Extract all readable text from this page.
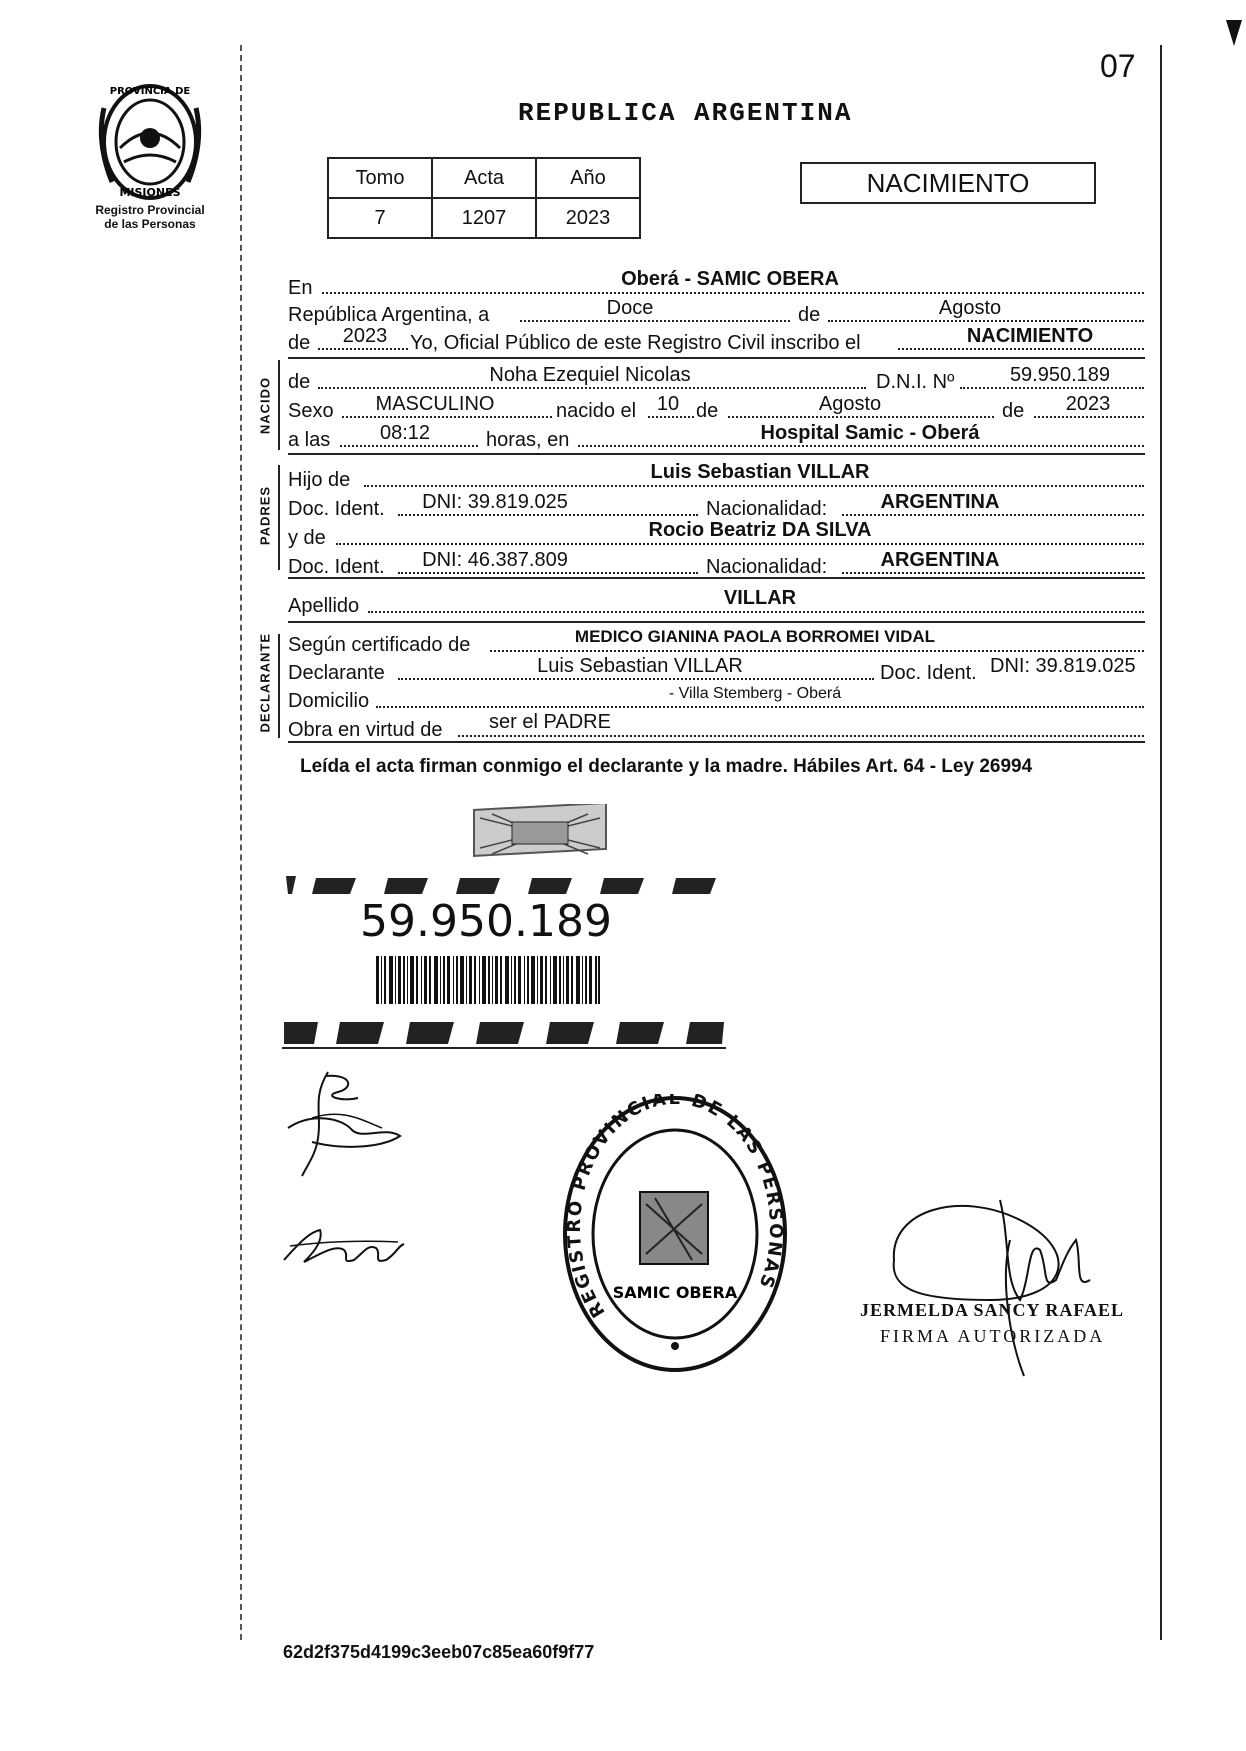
07
REPUBLICA ARGENTINA
PROVINCIA DE
MISIONES
Registro Provincial
de las Personas
Tomo	Acta	Año
7	1207	2023
NACIMIENTO
NACIDO
PADRES
DECLARANTE
En	Oberá - SAMIC OBERA
República Argentina, a	Doce	de	Agosto
de	2023	Yo, Oficial Público de este Registro Civil inscribo el	NACIMIENTO
de	Noha Ezequiel Nicolas	D.N.I. Nº	59.950.189
Sexo	MASCULINO	nacido el	10 de	Agosto	de	2023
a las	08:12	horas, en	Hospital Samic - Oberá
Hijo de	Luis Sebastian VILLAR
Doc. Ident.	DNI: 39.819.025	Nacionalidad:	ARGENTINA
y de	Rocio Beatriz DA SILVA
Doc. Ident.	DNI: 46.387.809	Nacionalidad:	ARGENTINA
Apellido	VILLAR
Según certificado de	MEDICO GIANINA PAOLA BORROMEI VIDAL
Declarante	Luis Sebastian VILLAR	Doc. Ident. DNI: 39.819.025
Domicilio	- Villa Stemberg - Oberá
Obra en virtud de	ser el PADRE
Leída el acta firman conmigo el declarante y la madre. Hábiles Art. 64 - Ley 26994
59.950.189
REGISTRO PROVINCIAL DE LAS PERSONAS
SAMIC OBERA
JERMELDA SANCY RAFAEL
FIRMA AUTORIZADA
62d2f375d4199c3eeb07c85ea60f9f77
